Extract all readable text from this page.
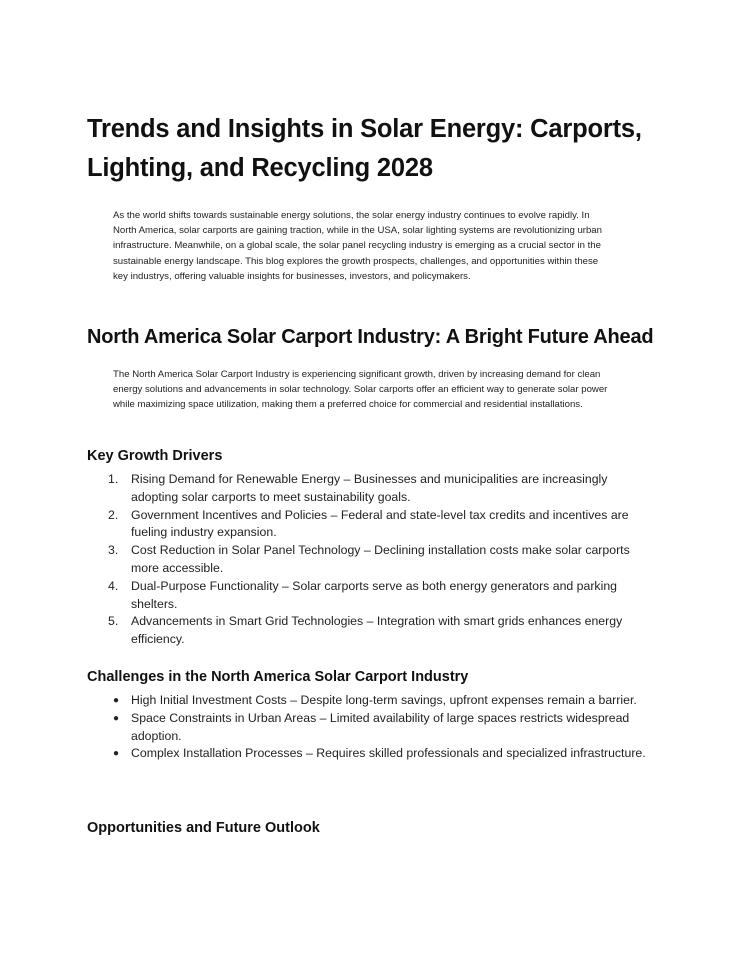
Trends and Insights in Solar Energy: Carports, Lighting, and Recycling 2028

As the world shifts towards sustainable energy solutions, the solar energy industry continues to evolve rapidly. In North America, solar carports are gaining traction, while in the USA, solar lighting systems are revolutionizing urban infrastructure. Meanwhile, on a global scale, the solar panel recycling industry is emerging as a crucial sector in the sustainable energy landscape. This blog explores the growth prospects, challenges, and opportunities within these key industrys, offering valuable insights for businesses, investors, and policymakers.

North America Solar Carport Industry: A Bright Future Ahead

The North America Solar Carport Industry is experiencing significant growth, driven by increasing demand for clean energy solutions and advancements in solar technology. Solar carports offer an efficient way to generate solar power while maximizing space utilization, making them a preferred choice for commercial and residential installations.

Key Growth Drivers
1. Rising Demand for Renewable Energy – Businesses and municipalities are increasingly adopting solar carports to meet sustainability goals.
2. Government Incentives and Policies – Federal and state-level tax credits and incentives are fueling industry expansion.
3. Cost Reduction in Solar Panel Technology – Declining installation costs make solar carports more accessible.
4. Dual-Purpose Functionality – Solar carports serve as both energy generators and parking shelters.
5. Advancements in Smart Grid Technologies – Integration with smart grids enhances energy efficiency.
Challenges in the North America Solar Carport Industry
● High Initial Investment Costs – Despite long-term savings, upfront expenses remain a barrier.
● Space Constraints in Urban Areas – Limited availability of large spaces restricts widespread adoption.
● Complex Installation Processes – Requires skilled professionals and specialized infrastructure.
Opportunities and Future Outlook
